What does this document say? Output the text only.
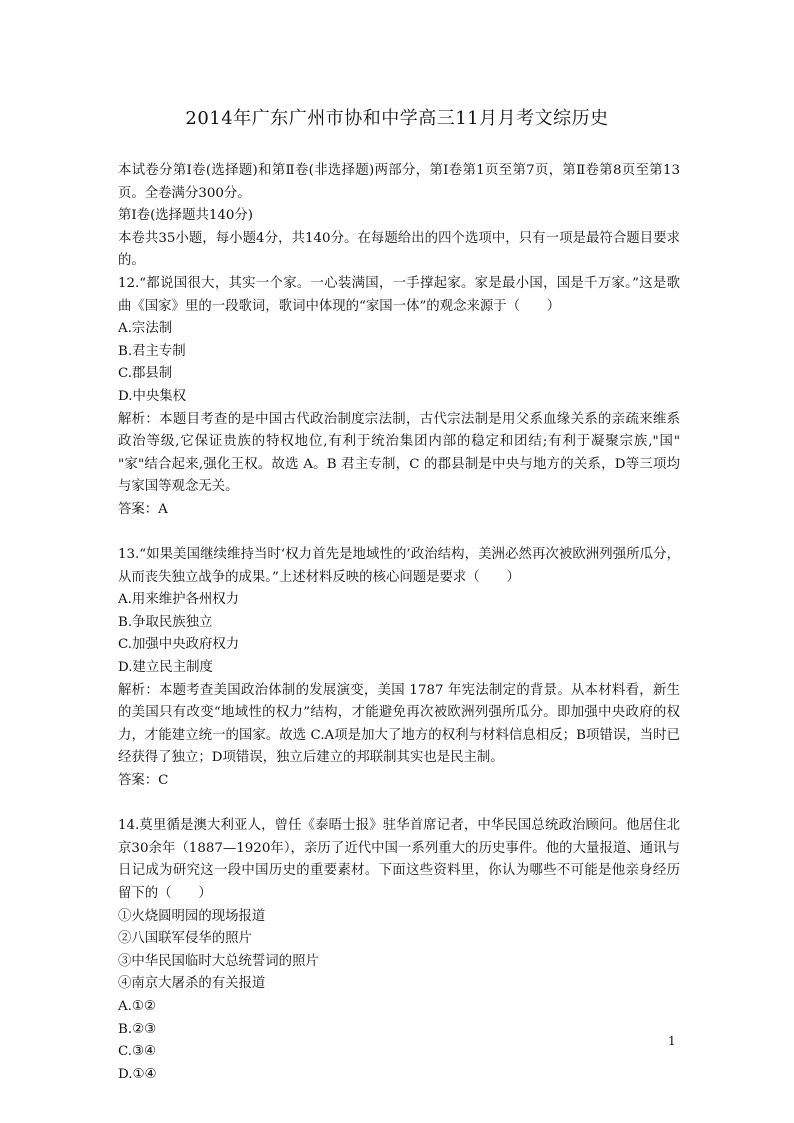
2014年广东广州市协和中学高三11月月考文综历史

本试卷分第Ⅰ卷(选择题)和第Ⅱ卷(非选择题)两部分，第Ⅰ卷第1页至第7页，第Ⅱ卷第8页至第13页。全卷满分300分。

第Ⅰ卷(选择题共140分)

本卷共35小题，每小题4分，共140分。在每题给出的四个选项中，只有一项是最符合题目要求的。

12.“都说国很大，其实一个家。一心装满国，一手撑起家。家是最小国，国是千万家。”这是歌曲《国家》里的一段歌词，歌词中体现的“家国一体”的观念来源于（　　）

A.宗法制

B.君主专制

C.郡县制

D.中央集权

解析：本题目考查的是中国古代政治制度宗法制，古代宗法制是用父系血缘关系的亲疏来维系政治等级,它保证贵族的特权地位,有利于统治集团内部的稳定和团结;有利于凝聚宗族,"国" "家"结合起来,强化王权。故选 A。B 君主专制，C 的郡县制是中央与地方的关系，D等三项均与家国等观念无关。

答案：A

13.“如果美国继续维持当时‘权力首先是地域性的’政治结构，美洲必然再次被欧洲列强所瓜分，从而丧失独立战争的成果。”上述材料反映的核心问题是要求（　　）

A.用来维护各州权力

B.争取民族独立

C.加强中央政府权力

D.建立民主制度

解析：本题考查美国政治体制的发展演变，美国 1787 年宪法制定的背景。从本材料看，新生的美国只有改变“地域性的权力”结构，才能避免再次被欧洲列强所瓜分。即加强中央政府的权力，才能建立统一的国家。故选 C.A项是加大了地方的权利与材料信息相反；B项错误，当时已经获得了独立；D项错误，独立后建立的邦联制其实也是民主制。

答案：C

14.莫里循是澳大利亚人，曾任《泰晤士报》驻华首席记者，中华民国总统政治顾问。他居住北京30余年（1887—1920年），亲历了近代中国一系列重大的历史事件。他的大量报道、通讯与日记成为研究这一段中国历史的重要素材。下面这些资料里，你认为哪些不可能是他亲身经历留下的（　　）

①火烧圆明园的现场报道

②八国联军侵华的照片

③中华民国临时大总统誓词的照片

④南京大屠杀的有关报道

A.①②

B.②③

C.③④

D.①④

1
